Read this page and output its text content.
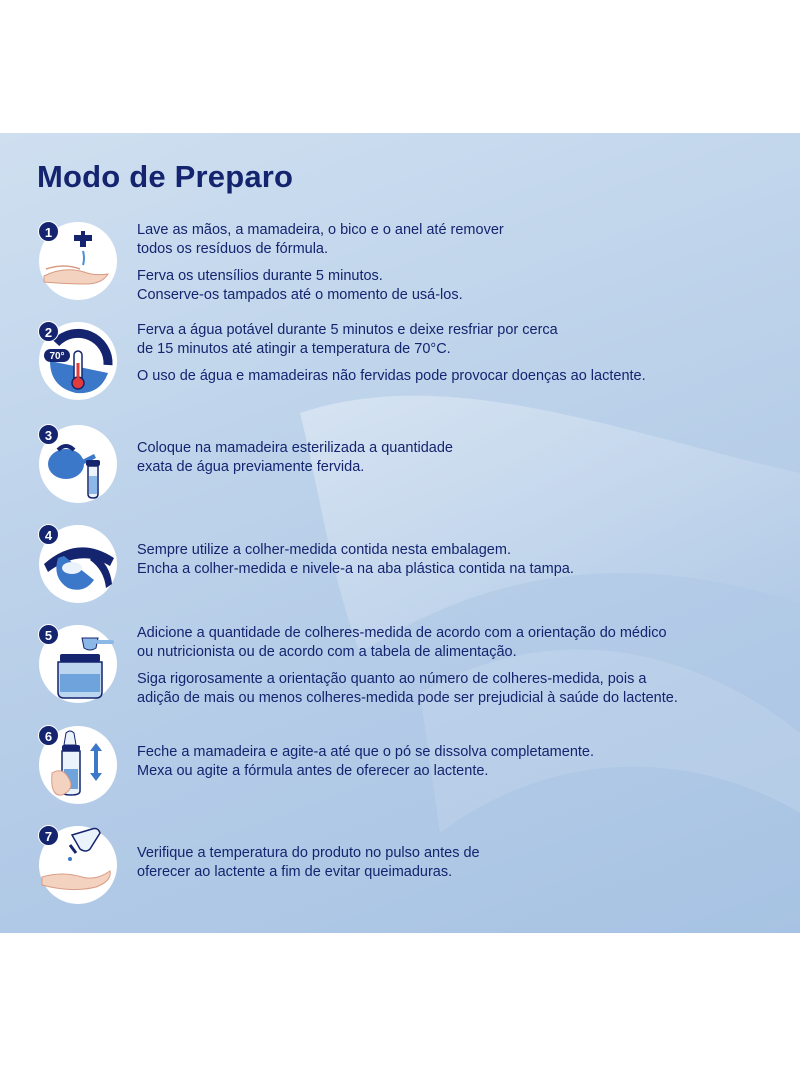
Modo de Preparo
1	Lave as mãos, a mamadeira, o bico e o anel até remover
todos os resíduos de fórmula.

Ferva os utensílios durante 5 minutos.
Conserve-os tampados até o momento de usá-los.

70°
2	Ferva a água potável durante 5 minutos e deixe resfriar por cerca
de 15 minutos até atingir a temperatura de 70°C.

O uso de água e mamadeiras não fervidas pode provocar doenças ao lactente.

3

Coloque na mamadeira esterilizada a quantidade
exata de água previamente fervida.

4

Sempre utilize a colher-medida contida nesta embalagem.
Encha a colher-medida e nivele-a na aba plástica contida na tampa.

5	Adicione a quantidade de colheres-medida de acordo com a orientação do médico
ou nutricionista ou de acordo com a tabela de alimentação.

Siga rigorosamente a orientação quanto ao número de colheres-medida, pois a
adição de mais ou menos colheres-medida pode ser prejudicial à saúde do lactente.

6

Feche a mamadeira e agite-a até que o pó se dissolva completamente.
Mexa ou agite a fórmula antes de oferecer ao lactente.

7

Verifique a temperatura do produto no pulso antes de
oferecer ao lactente a fim de evitar queimaduras.
